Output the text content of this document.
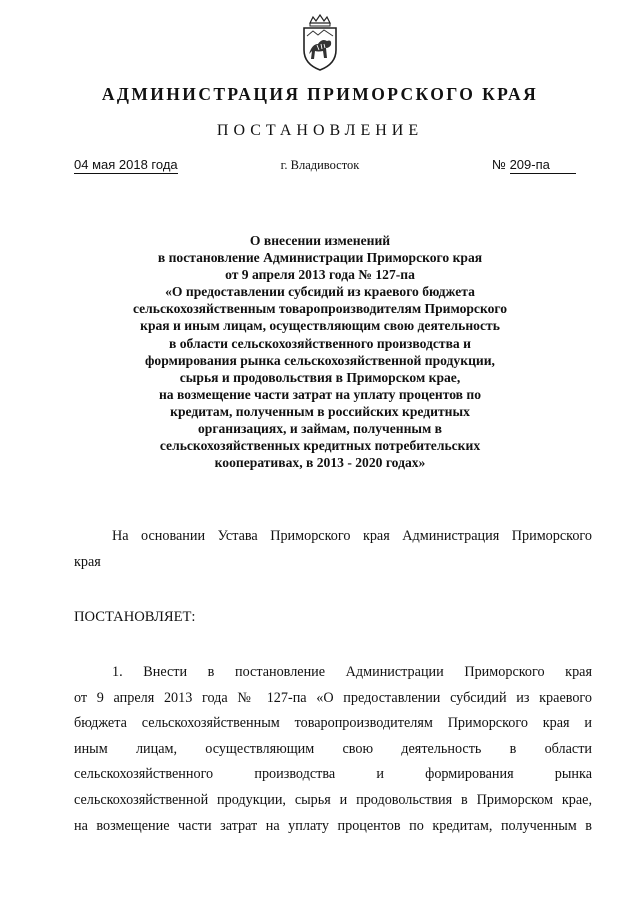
АДМИНИСТРАЦИЯ ПРИМОРСКОГО КРАЯ
ПОСТАНОВЛЕНИЕ
04 мая 2018 года	г. Владивосток	№ 209-па
О внесении изменений
в постановление Администрации Приморского края
от 9 апреля 2013 года № 127-па
«О предоставлении субсидий из краевого бюджета
сельскохозяйственным товаропроизводителям Приморского
края и иным лицам, осуществляющим свою деятельность
в области сельскохозяйственного производства и
формирования рынка сельскохозяйственной продукции,
сырья и продовольствия в Приморском крае,
на возмещение части затрат на уплату процентов по
кредитам, полученным в российских кредитных
организациях, и займам, полученным в
сельскохозяйственных кредитных потребительских
кооперативах, в 2013 - 2020 годах»
На основании Устава Приморского края Администрация Приморского
края
ПОСТАНОВЛЯЕТ:
1. Внести в постановление Администрации Приморского края
от 9 апреля 2013 года № 127-па «О предоставлении субсидий из краевого
бюджета сельскохозяйственным товаропроизводителям Приморского края и
иным лицам, осуществляющим свою деятельность в области
сельскохозяйственного производства и формирования рынка
сельскохозяйственной продукции, сырья и продовольствия в Приморском крае,
на возмещение части затрат на уплату процентов по кредитам, полученным в
